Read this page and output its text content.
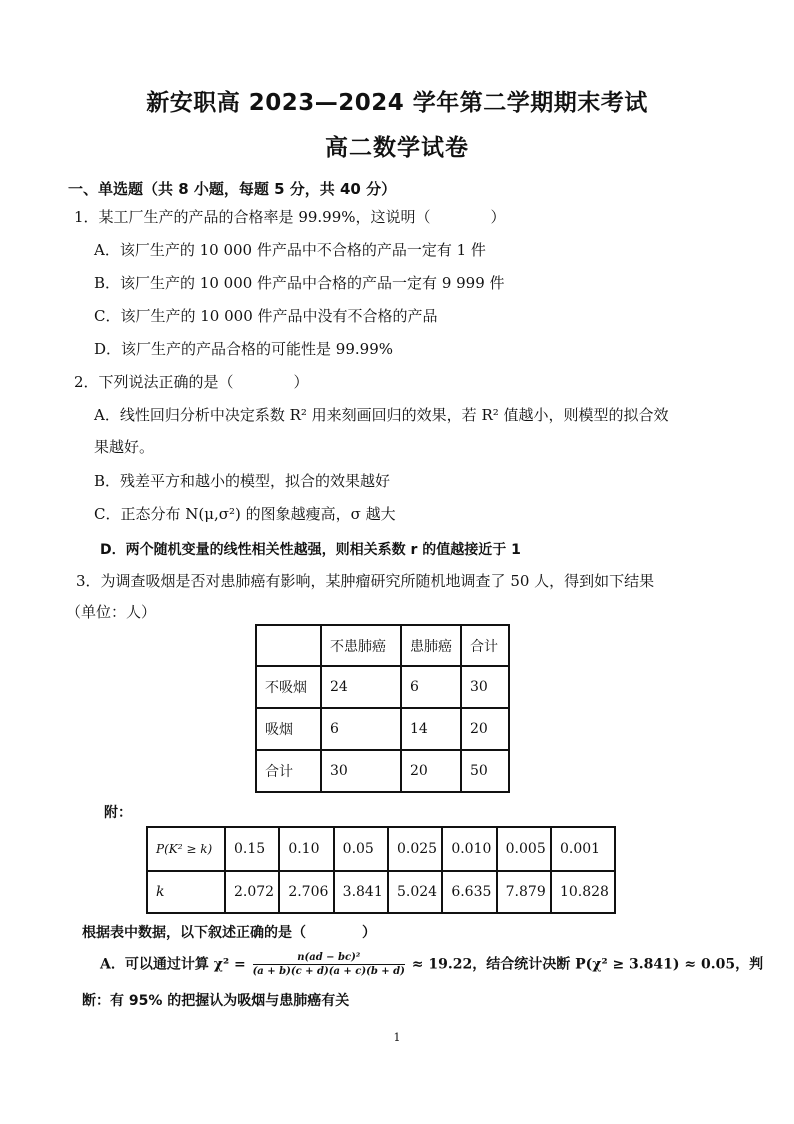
新安职高 2023—2024 学年第二学期期末考试
高二数学试卷
一、单选题（共 8 小题，每题 5 分，共 40 分）
1．某工厂生产的产品的合格率是 99.99%，这说明（　　　　）
A．该厂生产的 10 000 件产品中不合格的产品一定有 1 件
B．该厂生产的 10 000 件产品中合格的产品一定有 9 999 件
C．该厂生产的 10 000 件产品中没有不合格的产品
D．该厂生产的产品合格的可能性是 99.99%
2．下列说法正确的是（　　　　）
A．线性回归分析中决定系数 R² 用来刻画回归的效果，若 R² 值越小，则模型的拟合效
果越好。
B．残差平方和越小的模型，拟合的效果越好
C．正态分布 N(μ,σ²) 的图象越瘦高，σ 越大
D．两个随机变量的线性相关性越强，则相关系数 r 的值越接近于 1
3．为调查吸烟是否对患肺癌有影响，某肿瘤研究所随机地调查了 50 人，得到如下结果
（单位：人）
	不患肺癌	患肺癌	合计
不吸烟	24	6	30
吸烟	6	14	20
合计	30	20	50
附：
P(K² ≥ k)	0.15	0.10	0.05	0.025	0.010	0.005	0.001
k	2.072	2.706	3.841	5.024	6.635	7.879	10.828
根据表中数据，以下叙述正确的是（　　　　）
A．可以通过计算 $\chi^2 = \frac{\text{n(ad − bc)²}}{(a + b)(c + d)(a + c)(b + d)} \approx 19.22$，结合统计决断 P(χ² ≥ 3.841) ≈ 0.05，判
断：有 95% 的把握认为吸烟与患肺癌有关
1
